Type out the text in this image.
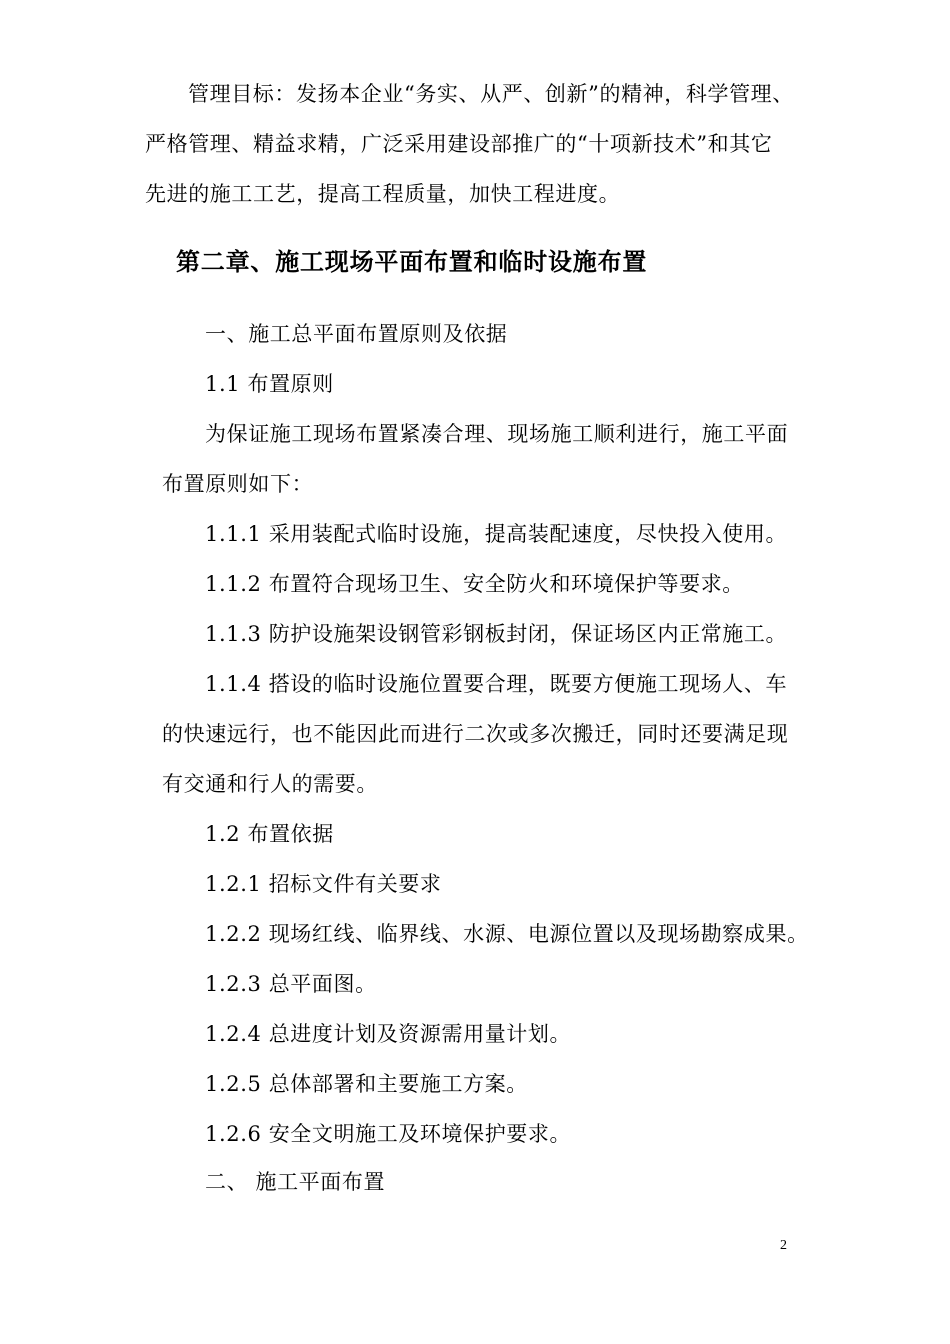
管理目标：发扬本企业“务实、从严、创新”的精神，科学管理、
严格管理、精益求精，广泛采用建设部推广的“十项新技术”和其它
先进的施工工艺，提高工程质量，加快工程进度。
第二章、施工现场平面布置和临时设施布置
一、施工总平面布置原则及依据
1.1 布置原则
为保证施工现场布置紧凑合理、现场施工顺利进行，施工平面
布置原则如下：
1.1.1 采用装配式临时设施，提高装配速度，尽快投入使用。
1.1.2 布置符合现场卫生、安全防火和环境保护等要求。
1.1.3 防护设施架设钢管彩钢板封闭，保证场区内正常施工。
1.1.4 搭设的临时设施位置要合理，既要方便施工现场人、车
的快速远行，也不能因此而进行二次或多次搬迁，同时还要满足现
有交通和行人的需要。
1.2 布置依据
1.2.1 招标文件有关要求
1.2.2 现场红线、临界线、水源、电源位置以及现场勘察成果。
1.2.3 总平面图。
1.2.4 总进度计划及资源需用量计划。
1.2.5 总体部署和主要施工方案。
1.2.6 安全文明施工及环境保护要求。
二、 施工平面布置
2
